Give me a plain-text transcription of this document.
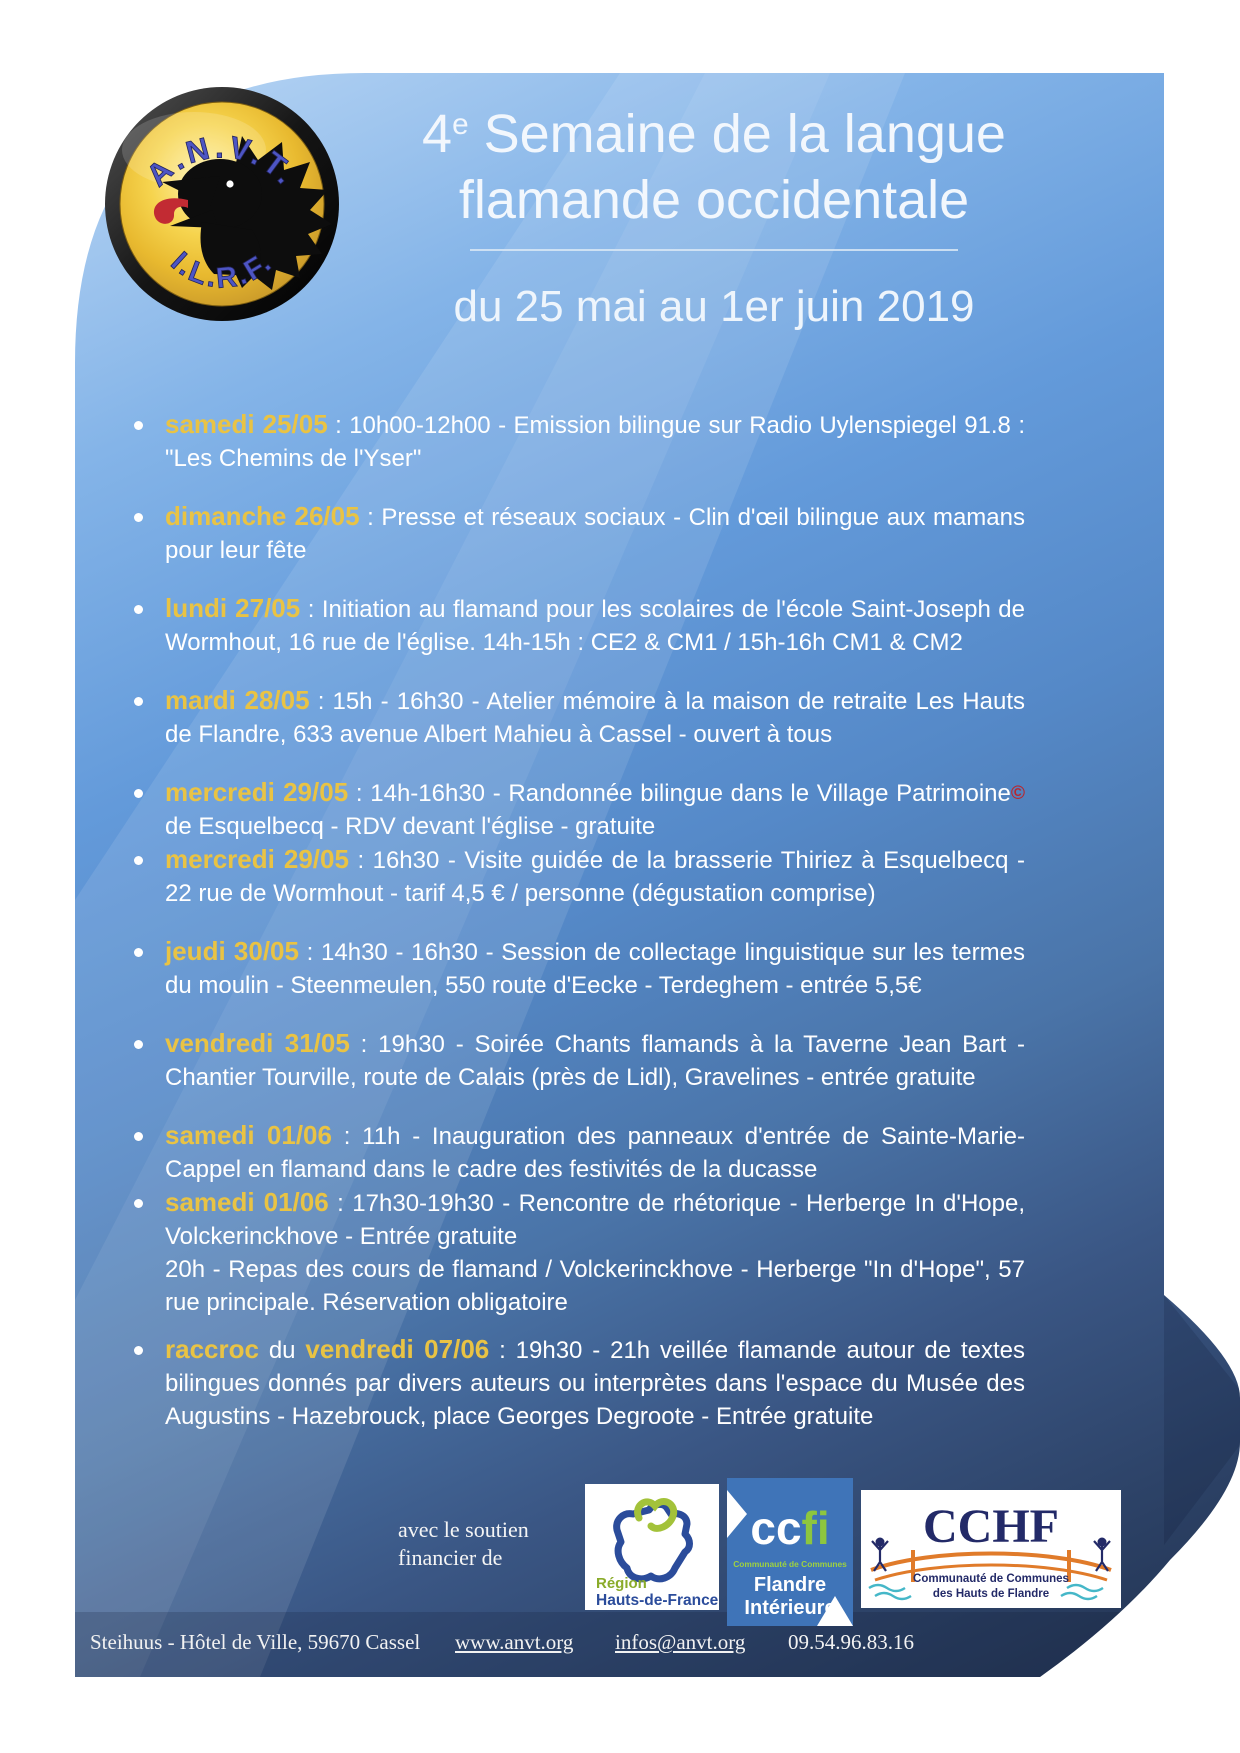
A.N.V.T.
I.L.R.F.
4e Semaine de la langue
flamande occidentale
du 25 mai au 1er juin 2019
samedi 25/05 : 10h00-12h00 - Emission bilingue sur Radio Uylenspiegel 91.8 : "Les Chemins de l'Yser"
dimanche 26/05 : Presse et réseaux sociaux - Clin d'œil bilingue aux mamans pour leur fête
lundi 27/05 : Initiation au flamand pour les scolaires de l'école Saint-Joseph de Wormhout, 16 rue de l'église. 14h-15h : CE2 & CM1 / 15h-16h CM1 & CM2
mardi 28/05 : 15h - 16h30 - Atelier mémoire à la maison de retraite Les Hauts de Flandre, 633 avenue Albert Mahieu à Cassel - ouvert à tous
mercredi 29/05 : 14h-16h30 - Randonnée bilingue dans le Village Patrimoine© de Esquelbecq - RDV devant l'église - gratuite
mercredi 29/05 : 16h30 - Visite guidée de la brasserie Thiriez à Esquelbecq - 22 rue de Wormhout - tarif 4,5 € / personne (dégustation comprise)
jeudi 30/05 : 14h30 - 16h30 - Session de collectage linguistique sur les termes du moulin - Steenmeulen, 550 route d'Eecke - Terdeghem - entrée 5,5€
vendredi 31/05 : 19h30 - Soirée Chants flamands à la Taverne Jean Bart - Chantier Tourville, route de Calais (près de Lidl), Gravelines - entrée gratuite
samedi 01/06 : 11h - Inauguration des panneaux d'entrée de Sainte-Marie-Cappel en flamand dans le cadre des festivités de la ducasse
samedi 01/06 : 17h30-19h30 - Rencontre de rhétorique - Herberge In d'Hope, Volckerinckhove - Entrée gratuite
20h - Repas des cours de flamand / Volckerinckhove - Herberge "In d'Hope", 57 rue principale. Réservation obligatoire
raccroc du vendredi 07/06 : 19h30 - 21h veillée flamande autour de textes bilingues donnés par divers auteurs ou interprètes dans l'espace du Musée des Augustins - Hazebrouck, place Georges Degroote - Entrée gratuite
avec le soutien
financier de
Région
Hauts-de-France
ccfi
Communauté de Communes
Flandre
Intérieure
CCHF
Communauté de Communes
des Hauts de Flandre
Steihuus - Hôtel de Ville, 59670 Cassel www.anvt.org infos@anvt.org 09.54.96.83.16
